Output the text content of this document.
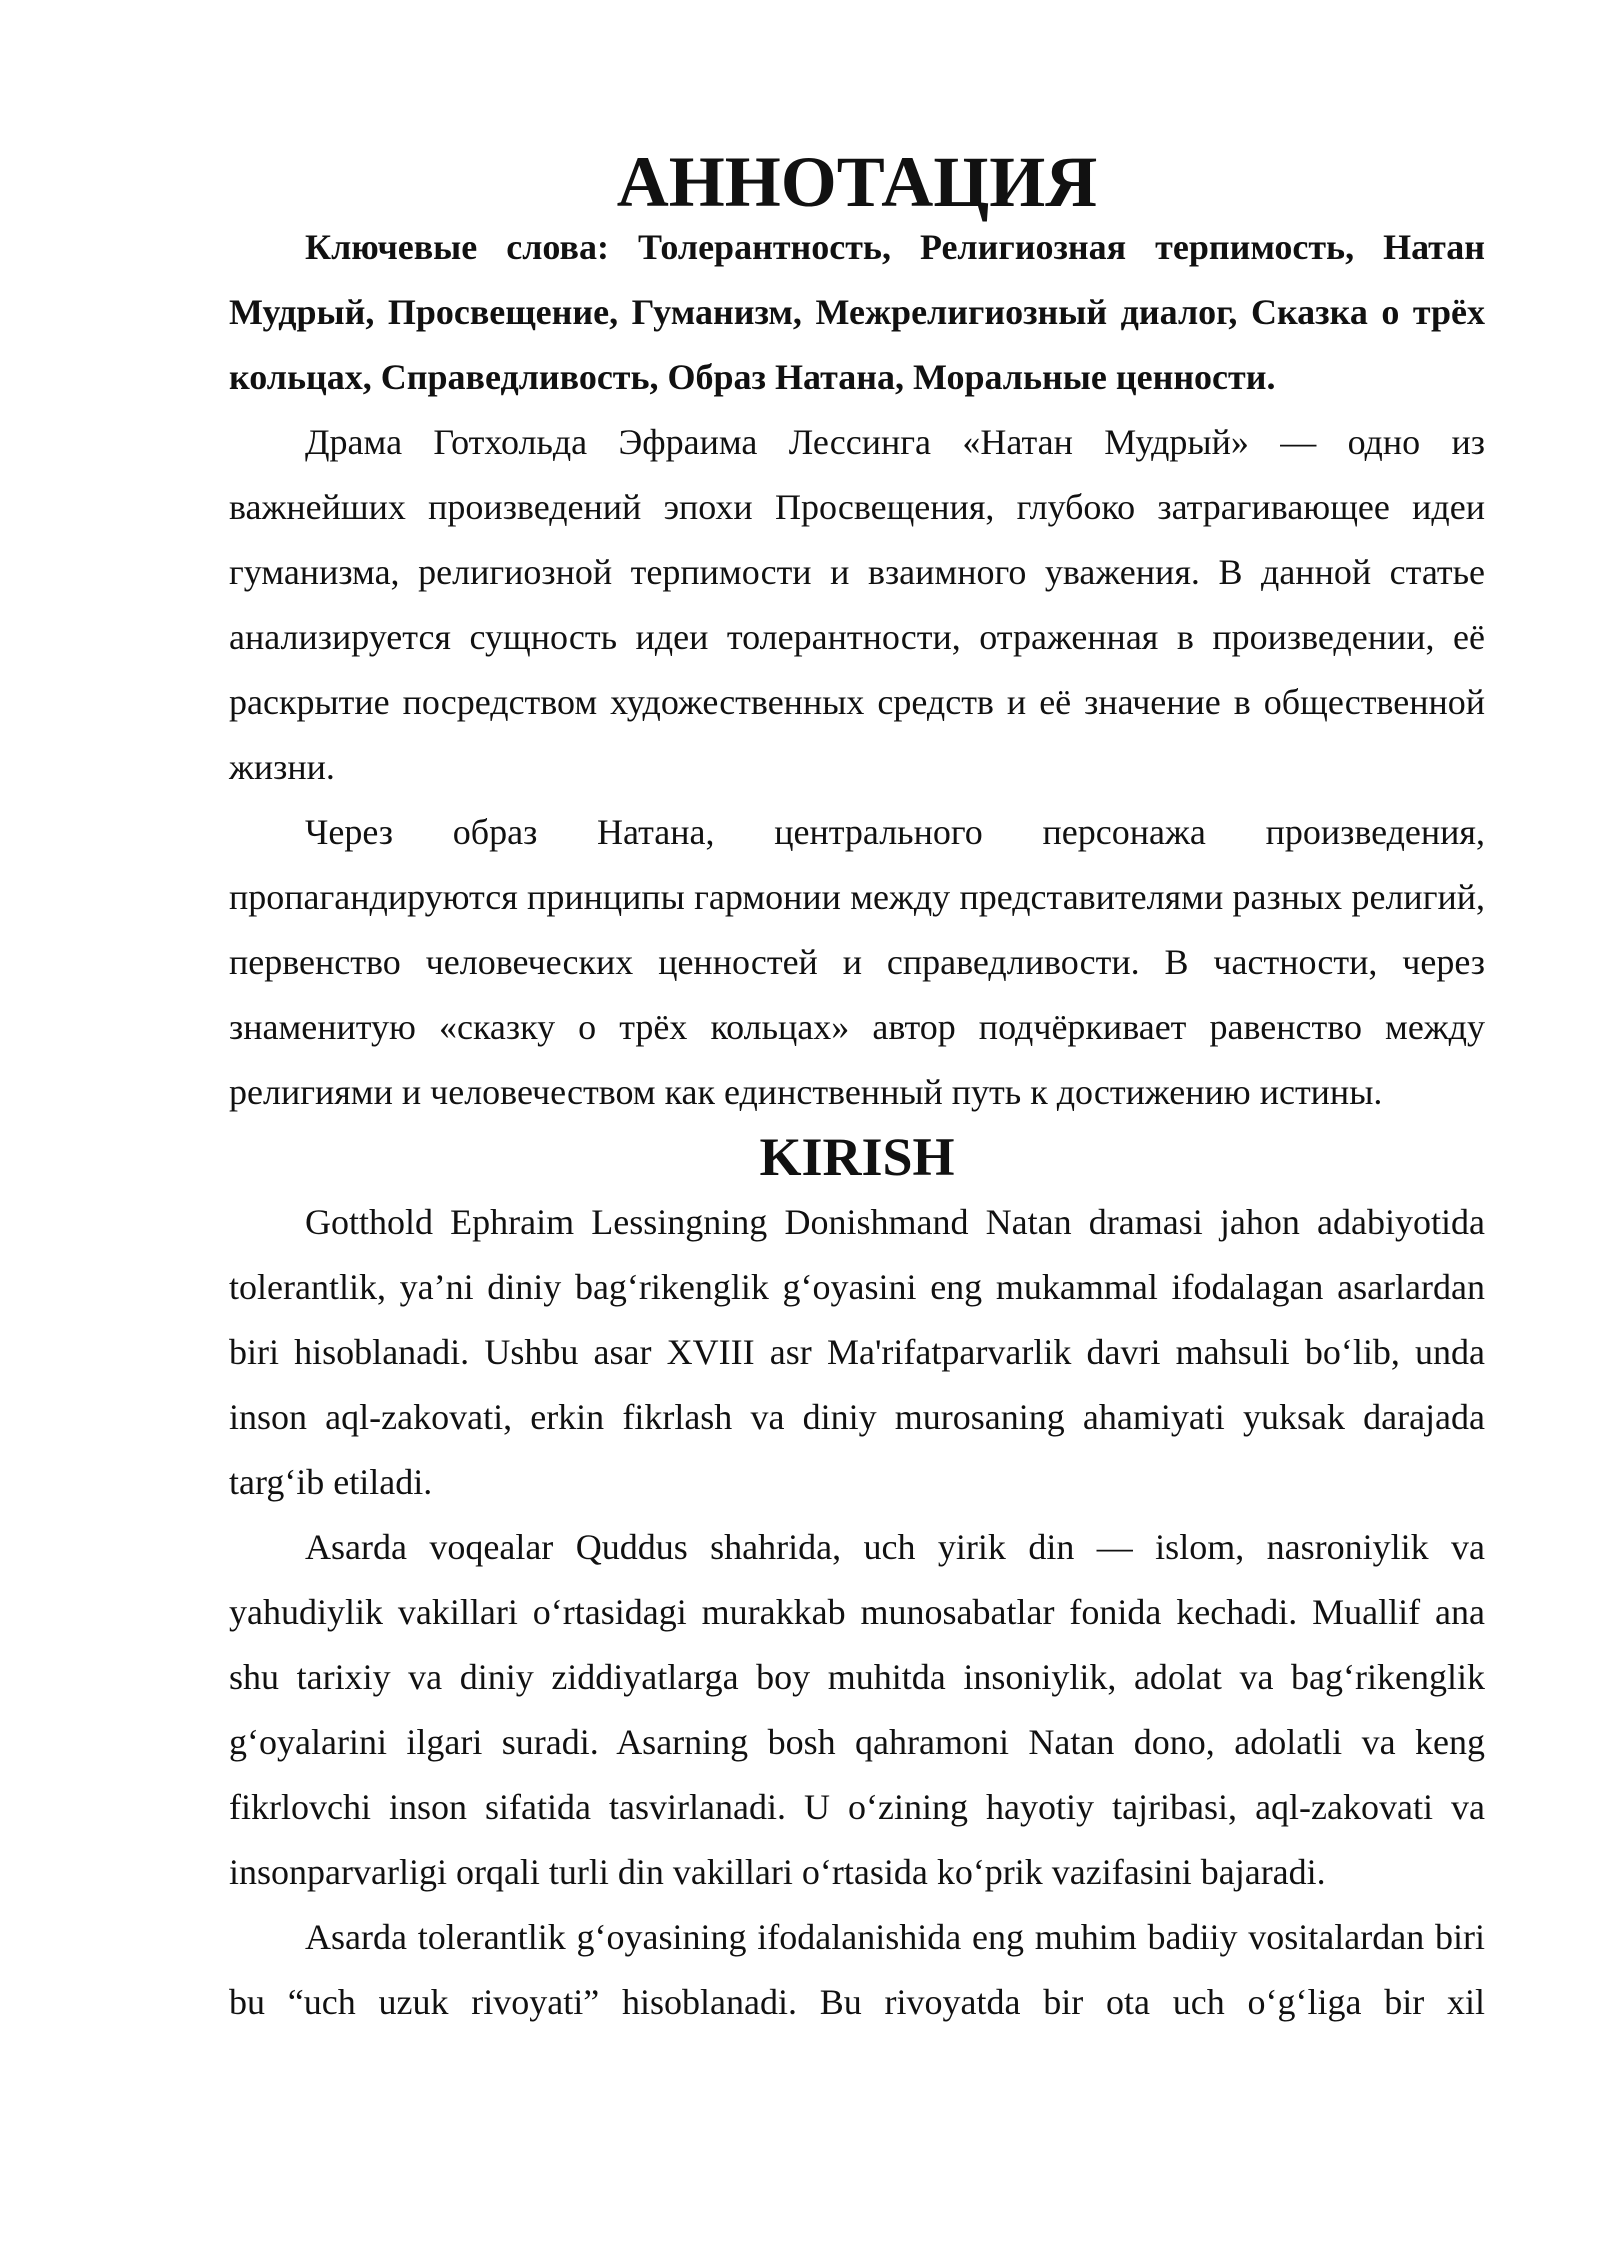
АННОТАЦИЯ

Ключевые слова: Толерантность, Религиозная терпимость, Натан Мудрый, Просвещение, Гуманизм, Межрелигиозный диалог, Сказка о трёх кольцах, Справедливость, Образ Натана, Моральные ценности.

Драма Готхольда Эфраима Лессинга «Натан Мудрый» — одно из важнейших произведений эпохи Просвещения, глубоко затрагивающее идеи гуманизма, религиозной терпимости и взаимного уважения. В данной статье анализируется сущность идеи толерантности, отраженная в произведении, её раскрытие посредством художественных средств и её значение в общественной жизни.

Через образ Натана, центрального персонажа произведения, пропагандируются принципы гармонии между представителями разных религий, первенство человеческих ценностей и справедливости. В частности, через знаменитую «сказку о трёх кольцах» автор подчёркивает равенство между религиями и человечеством как единственный путь к достижению истины.

KIRISH

Gotthold Ephraim Lessingning Donishmand Natan dramasi jahon adabiyotida tolerantlik, ya’ni diniy bag‘rikenglik g‘oyasini eng mukammal ifodalagan asarlardan biri hisoblanadi. Ushbu asar XVIII asr Ma'rifatparvarlik davri mahsuli bo‘lib, unda inson aql-zakovati, erkin fikrlash va diniy murosaning ahamiyati yuksak darajada targ‘ib etiladi.

Asarda voqealar Quddus shahrida, uch yirik din — islom, nasroniylik va yahudiylik vakillari o‘rtasidagi murakkab munosabatlar fonida kechadi. Muallif ana shu tarixiy va diniy ziddiyatlarga boy muhitda insoniylik, adolat va bag‘rikenglik g‘oyalarini ilgari suradi. Asarning bosh qahramoni Natan dono, adolatli va keng fikrlovchi inson sifatida tasvirlanadi. U o‘zining hayotiy tajribasi, aql-zakovati va insonparvarligi orqali turli din vakillari o‘rtasida ko‘prik vazifasini bajaradi.

Asarda tolerantlik g‘oyasining ifodalanishida eng muhim badiiy vositalardan biri bu “uch uzuk rivoyati” hisoblanadi. Bu rivoyatda bir ota uch o‘g‘liga bir xil
